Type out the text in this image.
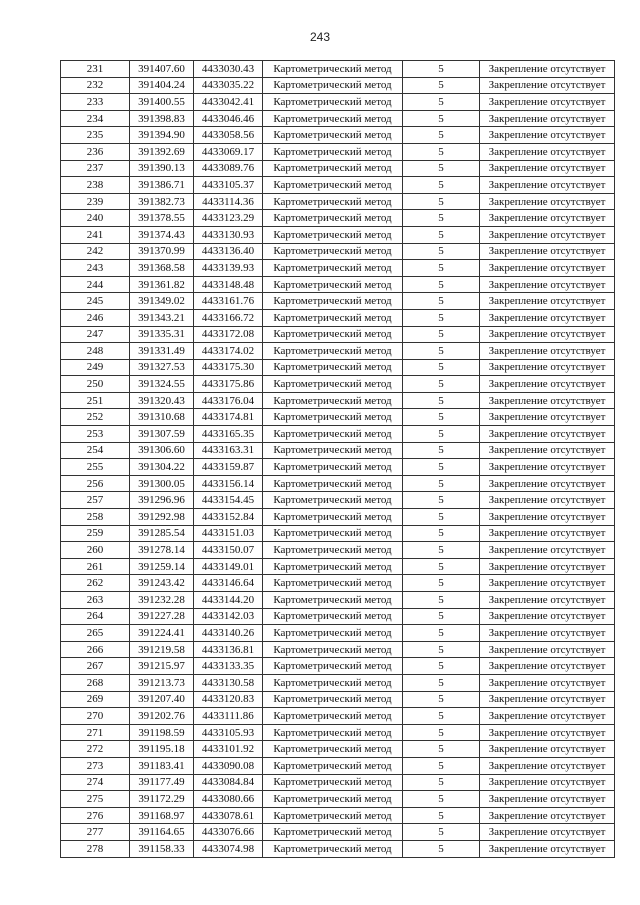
243
231	391407.60	4433030.43	Картометрический метод	5	Закрепление отсутствует
232	391404.24	4433035.22	Картометрический метод	5	Закрепление отсутствует
233	391400.55	4433042.41	Картометрический метод	5	Закрепление отсутствует
234	391398.83	4433046.46	Картометрический метод	5	Закрепление отсутствует
235	391394.90	4433058.56	Картометрический метод	5	Закрепление отсутствует
236	391392.69	4433069.17	Картометрический метод	5	Закрепление отсутствует
237	391390.13	4433089.76	Картометрический метод	5	Закрепление отсутствует
238	391386.71	4433105.37	Картометрический метод	5	Закрепление отсутствует
239	391382.73	4433114.36	Картометрический метод	5	Закрепление отсутствует
240	391378.55	4433123.29	Картометрический метод	5	Закрепление отсутствует
241	391374.43	4433130.93	Картометрический метод	5	Закрепление отсутствует
242	391370.99	4433136.40	Картометрический метод	5	Закрепление отсутствует
243	391368.58	4433139.93	Картометрический метод	5	Закрепление отсутствует
244	391361.82	4433148.48	Картометрический метод	5	Закрепление отсутствует
245	391349.02	4433161.76	Картометрический метод	5	Закрепление отсутствует
246	391343.21	4433166.72	Картометрический метод	5	Закрепление отсутствует
247	391335.31	4433172.08	Картометрический метод	5	Закрепление отсутствует
248	391331.49	4433174.02	Картометрический метод	5	Закрепление отсутствует
249	391327.53	4433175.30	Картометрический метод	5	Закрепление отсутствует
250	391324.55	4433175.86	Картометрический метод	5	Закрепление отсутствует
251	391320.43	4433176.04	Картометрический метод	5	Закрепление отсутствует
252	391310.68	4433174.81	Картометрический метод	5	Закрепление отсутствует
253	391307.59	4433165.35	Картометрический метод	5	Закрепление отсутствует
254	391306.60	4433163.31	Картометрический метод	5	Закрепление отсутствует
255	391304.22	4433159.87	Картометрический метод	5	Закрепление отсутствует
256	391300.05	4433156.14	Картометрический метод	5	Закрепление отсутствует
257	391296.96	4433154.45	Картометрический метод	5	Закрепление отсутствует
258	391292.98	4433152.84	Картометрический метод	5	Закрепление отсутствует
259	391285.54	4433151.03	Картометрический метод	5	Закрепление отсутствует
260	391278.14	4433150.07	Картометрический метод	5	Закрепление отсутствует
261	391259.14	4433149.01	Картометрический метод	5	Закрепление отсутствует
262	391243.42	4433146.64	Картометрический метод	5	Закрепление отсутствует
263	391232.28	4433144.20	Картометрический метод	5	Закрепление отсутствует
264	391227.28	4433142.03	Картометрический метод	5	Закрепление отсутствует
265	391224.41	4433140.26	Картометрический метод	5	Закрепление отсутствует
266	391219.58	4433136.81	Картометрический метод	5	Закрепление отсутствует
267	391215.97	4433133.35	Картометрический метод	5	Закрепление отсутствует
268	391213.73	4433130.58	Картометрический метод	5	Закрепление отсутствует
269	391207.40	4433120.83	Картометрический метод	5	Закрепление отсутствует
270	391202.76	4433111.86	Картометрический метод	5	Закрепление отсутствует
271	391198.59	4433105.93	Картометрический метод	5	Закрепление отсутствует
272	391195.18	4433101.92	Картометрический метод	5	Закрепление отсутствует
273	391183.41	4433090.08	Картометрический метод	5	Закрепление отсутствует
274	391177.49	4433084.84	Картометрический метод	5	Закрепление отсутствует
275	391172.29	4433080.66	Картометрический метод	5	Закрепление отсутствует
276	391168.97	4433078.61	Картометрический метод	5	Закрепление отсутствует
277	391164.65	4433076.66	Картометрический метод	5	Закрепление отсутствует
278	391158.33	4433074.98	Картометрический метод	5	Закрепление отсутствует
